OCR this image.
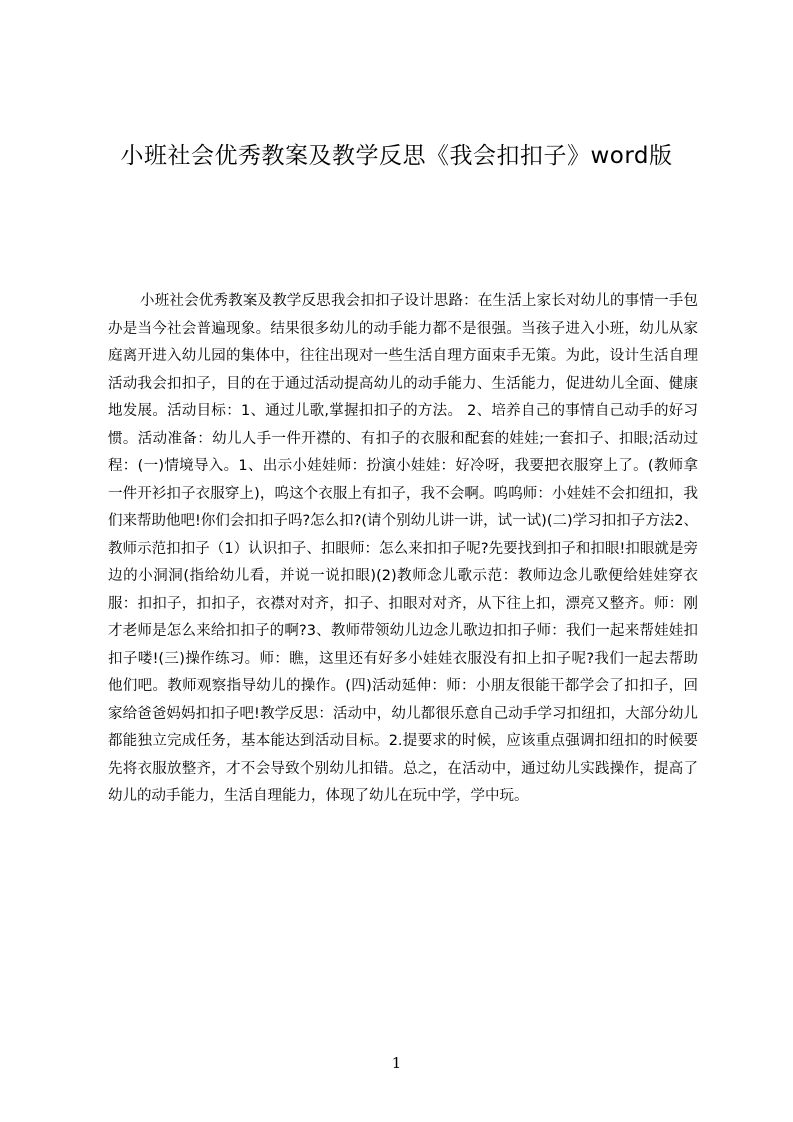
小班社会优秀教案及教学反思《我会扣扣子》word版

小班社会优秀教案及教学反思我会扣扣子设计思路：在生活上家长对幼儿的事情一手包办是当今社会普遍现象。结果很多幼儿的动手能力都不是很强。当孩子进入小班，幼儿从家庭离开进入幼儿园的集体中，往往出现对一些生活自理方面束手无策。为此，设计生活自理活动我会扣扣子，目的在于通过活动提高幼儿的动手能力、生活能力，促进幼儿全面、健康地发展。活动目标：1、通过儿歌,掌握扣扣子的方法。 2、培养自己的事情自己动手的好习惯。活动准备：幼儿人手一件开襟的、有扣子的衣服和配套的娃娃;一套扣子、扣眼;活动过程：(一)情境导入。1、出示小娃娃师：扮演小娃娃：好冷呀，我要把衣服穿上了。(教师拿一件开衫扣子衣服穿上)，呜这个衣服上有扣子，我不会啊。呜呜师：小娃娃不会扣纽扣，我们来帮助他吧!你们会扣扣子吗?怎么扣?(请个别幼儿讲一讲，试一试)(二)学习扣扣子方法2、教师示范扣扣子（1）认识扣子、扣眼师：怎么来扣扣子呢?先要找到扣子和扣眼!扣眼就是旁边的小洞洞(指给幼儿看，并说一说扣眼)(2)教师念儿歌示范：教师边念儿歌便给娃娃穿衣服：扣扣子，扣扣子，衣襟对对齐，扣子、扣眼对对齐，从下往上扣，漂亮又整齐。师：刚才老师是怎么来给扣扣子的啊?3、教师带领幼儿边念儿歌边扣扣子师：我们一起来帮娃娃扣扣子喽!(三)操作练习。师：瞧，这里还有好多小娃娃衣服没有扣上扣子呢?我们一起去帮助他们吧。教师观察指导幼儿的操作。(四)活动延伸：师：小朋友很能干都学会了扣扣子，回家给爸爸妈妈扣扣子吧!教学反思：活动中，幼儿都很乐意自己动手学习扣纽扣，大部分幼儿都能独立完成任务，基本能达到活动目标。2.提要求的时候，应该重点强调扣纽扣的时候要先将衣服放整齐，才不会导致个别幼儿扣错。总之，在活动中，通过幼儿实践操作，提高了幼儿的动手能力，生活自理能力，体现了幼儿在玩中学，学中玩。

1
